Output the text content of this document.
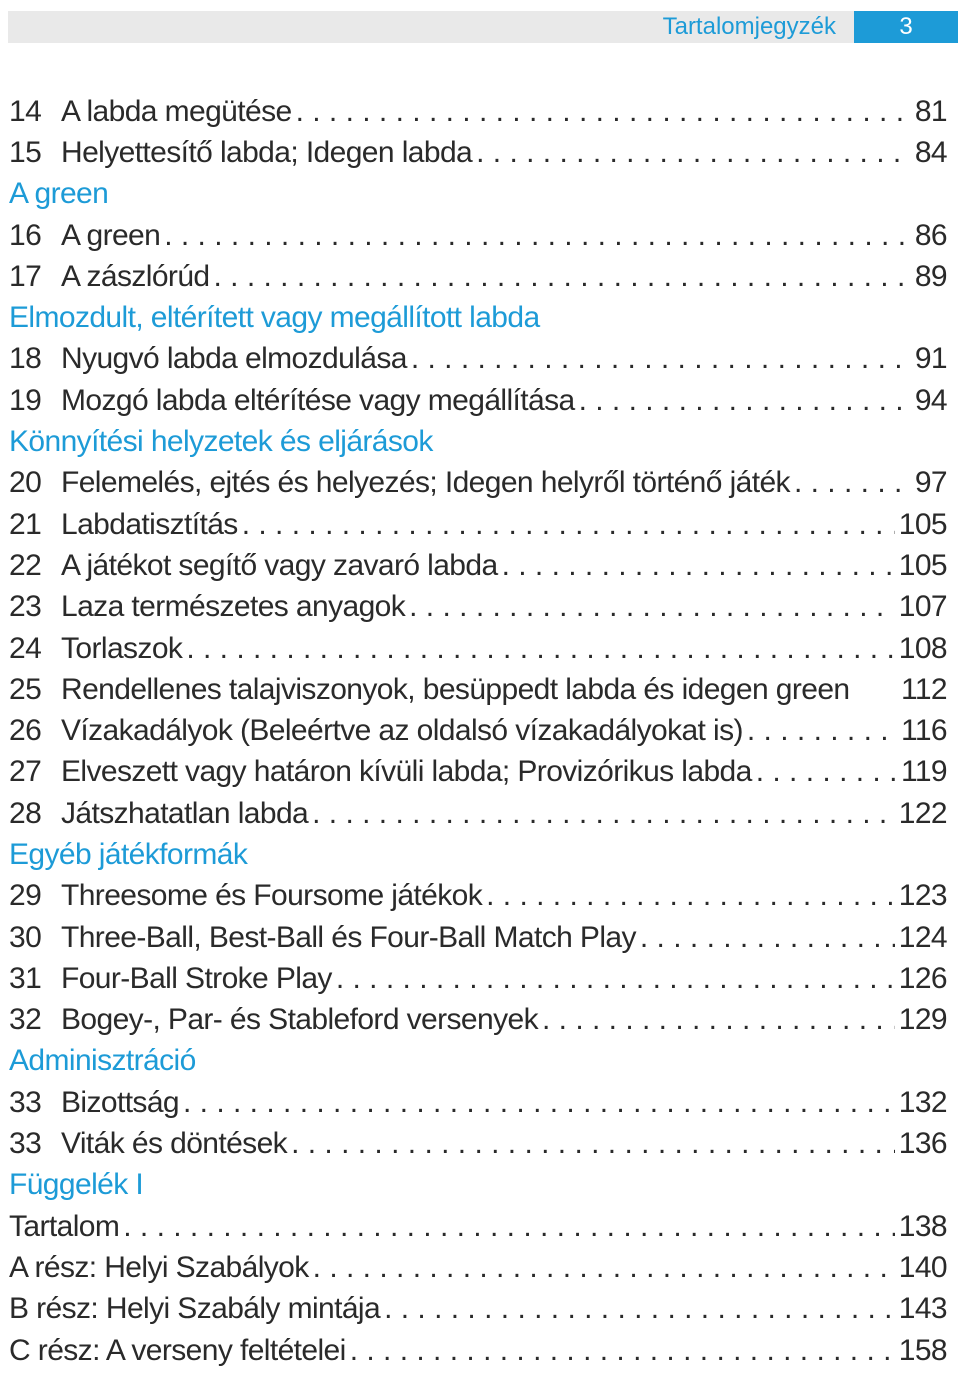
Tartalomjegyzék	3
14 A labda megütése . . .	81
15 Helyettesítő labda; Idegen labda . . .	84
A green
16 A green . . .	86
17 A zászlórúd . . .	89
Elmozdult, eltérített vagy megállított labda
18 Nyugvó labda elmozdulása . . .	91
19 Mozgó labda eltérítése vagy megállítása . . .	94
Könnyítési helyzetek és eljárások
20 Felemelés, ejtés és helyezés; Idegen helyről történő játék . . .	97
21 Labdatisztítás . . .	105
22 A játékot segítő vagy zavaró labda . . .	105
23 Laza természetes anyagok . . .	107
24 Torlaszok . . .	108
25 Rendellenes talajviszonyok, besüppedt labda és idegen green 112
26 Vízakadályok (Beleértve az oldalsó vízakadályokat is) . . .	116
27 Elveszett vagy határon kívüli labda; Provizórikus labda . . .	119
28 Játszhatatlan labda . . .	122
Egyéb játékformák
29 Threesome és Foursome játékok . . .	123
30 Three-Ball, Best-Ball és Four-Ball Match Play . . .	124
31 Four-Ball Stroke Play . . .	126
32 Bogey-, Par- és Stableford versenyek . . .	129
Adminisztráció
33 Bizottság . . .	132
33 Viták és döntések . . .	136
Függelék I
Tartalom . . .	138
A rész: Helyi Szabályok . . .	140
B rész: Helyi Szabály mintája . . .	143
C rész: A verseny feltételei . . .	158
